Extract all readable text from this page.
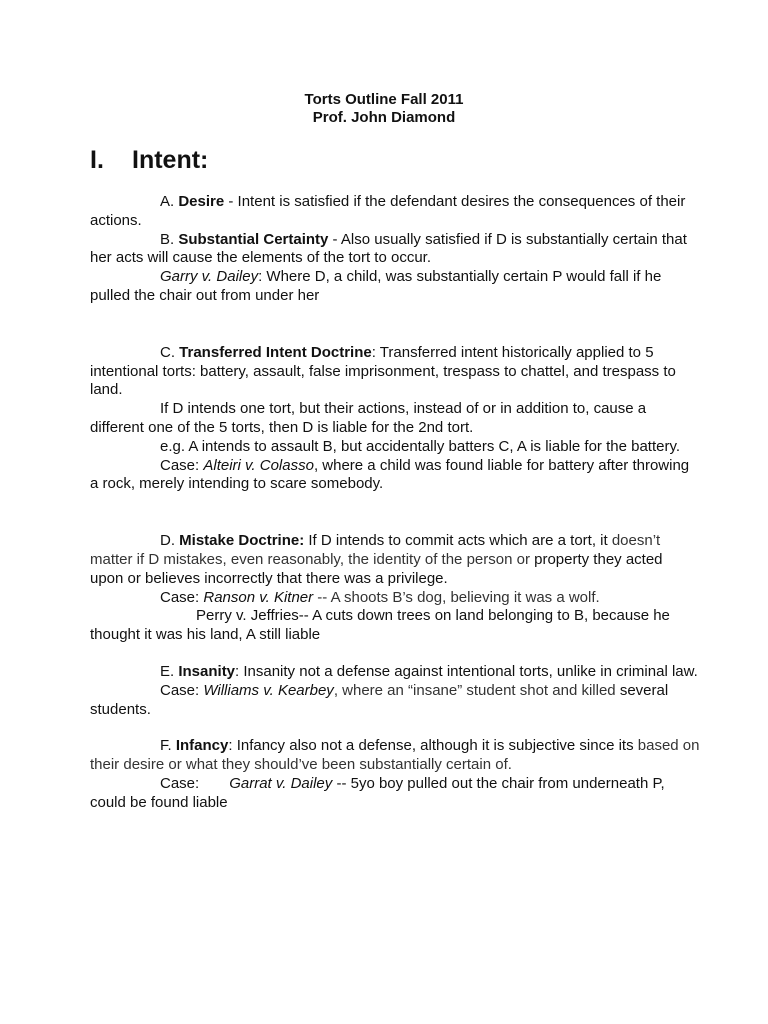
Torts Outline Fall 2011
Prof. John Diamond
I. Intent:

A. Desire - Intent is satisfied if the defendant desires the consequences of their actions.

B. Substantial Certainty - Also usually satisfied if D is substantially certain that her acts will cause the elements of the tort to occur.

Garry v. Dailey: Where D, a child, was substantially certain P would fall if he pulled the chair out from under her

C. Transferred Intent Doctrine: Transferred intent historically applied to 5 intentional torts: battery, assault, false imprisonment, trespass to chattel, and trespass to land.

If D intends one tort, but their actions, instead of or in addition to, cause a different one of the 5 torts, then D is liable for the 2nd tort.

e.g. A intends to assault B, but accidentally batters C, A is liable for the battery.

Case: Alteiri v. Colasso, where a child was found liable for battery after throwing a rock, merely intending to scare somebody.

D. Mistake Doctrine: If D intends to commit acts which are a tort, it doesn’t matter if D mistakes, even reasonably, the identity of the person or property they acted upon or believes incorrectly that there was a privilege.

Case: Ranson v. Kitner -- A shoots B’s dog, believing it was a wolf.

Perry v. Jeffries-- A cuts down trees on land belonging to B, because he thought it was his land, A still liable

E. Insanity: Insanity not a defense against intentional torts, unlike in criminal law.

Case: Williams v. Kearbey, where an “insane” student shot and killed several students.

F. Infancy: Infancy also not a defense, although it is subjective since its based on their desire or what they should’ve been substantially certain of.

Case: Garrat v. Dailey -- 5yo boy pulled out the chair from underneath P, could be found liable
